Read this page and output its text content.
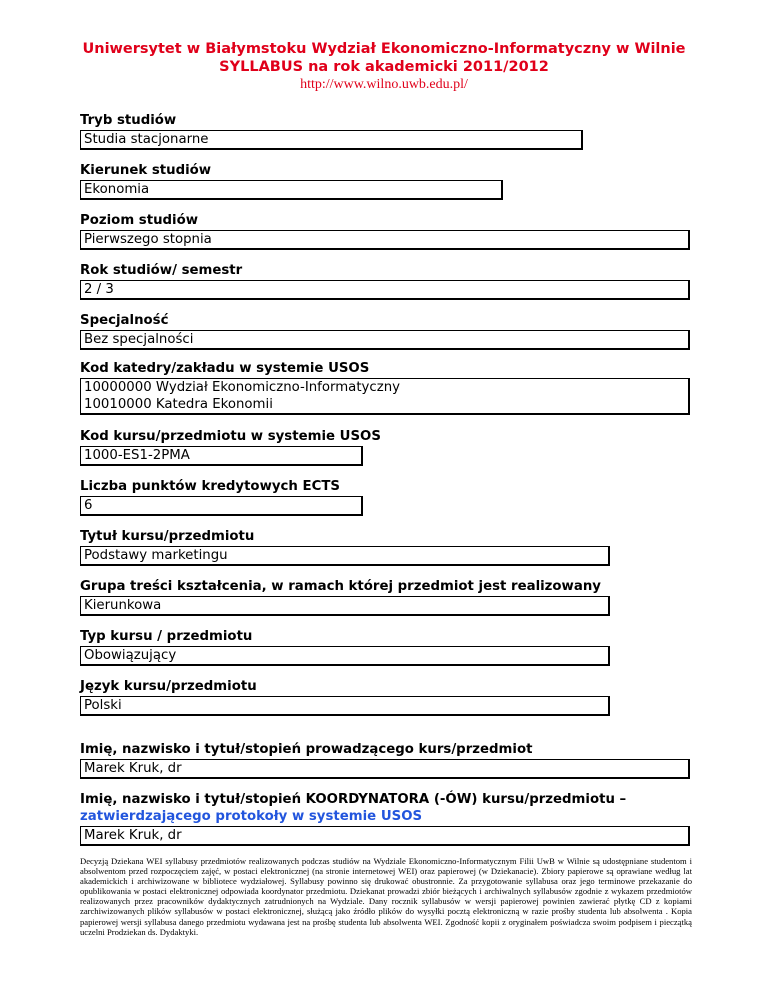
Uniwersytet w Białymstoku Wydział Ekonomiczno-Informatyczny w Wilnie
SYLLABUS na rok akademicki 2011/2012
http://www.wilno.uwb.edu.pl/
Tryb studiów
Studia stacjonarne
Kierunek studiów
Ekonomia
Poziom studiów
Pierwszego stopnia
Rok studiów/ semestr
2 / 3
Specjalność
Bez specjalności
Kod katedry/zakładu w systemie USOS
10000000 Wydział Ekonomiczno-Informatyczny
10010000 Katedra Ekonomii
Kod kursu/przedmiotu w systemie USOS
1000-ES1-2PMA
Liczba punktów kredytowych ECTS
6
Tytuł kursu/przedmiotu
Podstawy marketingu
Grupa treści kształcenia, w ramach której przedmiot jest realizowany
Kierunkowa
Typ kursu / przedmiotu
Obowiązujący
Język kursu/przedmiotu
Polski
Imię, nazwisko i tytuł/stopień prowadzącego kurs/przedmiot
Marek Kruk, dr
Imię, nazwisko i tytuł/stopień KOORDYNATORA (-ÓW) kursu/przedmiotu –
zatwierdzającego protokoły w systemie USOS
Marek Kruk, dr
Decyzją Dziekana WEI syllabusy przedmiotów realizowanych podczas studiów na Wydziale Ekonomiczno-Informatycznym Filii UwB w Wilnie są udostępniane studentom i absolwentom przed rozpoczęciem zajęć, w postaci elektronicznej (na stronie internetowej WEI) oraz papierowej (w Dziekanacie). Zbiory papierowe są oprawiane według lat akademickich i archiwizowane w bibliotece wydziałowej. Syllabusy powinno się drukować obustronnie. Za przygotowanie syllabusa oraz jego terminowe przekazanie do opublikowania w postaci elektronicznej odpowiada koordynator przedmiotu. Dziekanat prowadzi zbiór bieżących i archiwalnych syllabusów zgodnie z wykazem przedmiotów realizowanych przez pracowników dydaktycznych zatrudnionych na Wydziale. Dany rocznik syllabusów w wersji papierowej powinien zawierać płytkę CD z kopiami zarchiwizowanych plików syllabusów w postaci elektronicznej, służącą jako źródło plików do wysyłki pocztą elektroniczną w razie prośby studenta lub absolwenta . Kopia papierowej wersji syllabusa danego przedmiotu wydawana jest na prośbę studenta lub absolwenta WEI. Zgodność kopii z oryginałem poświadcza swoim podpisem i pieczątką uczelni Prodziekan ds. Dydaktyki.
